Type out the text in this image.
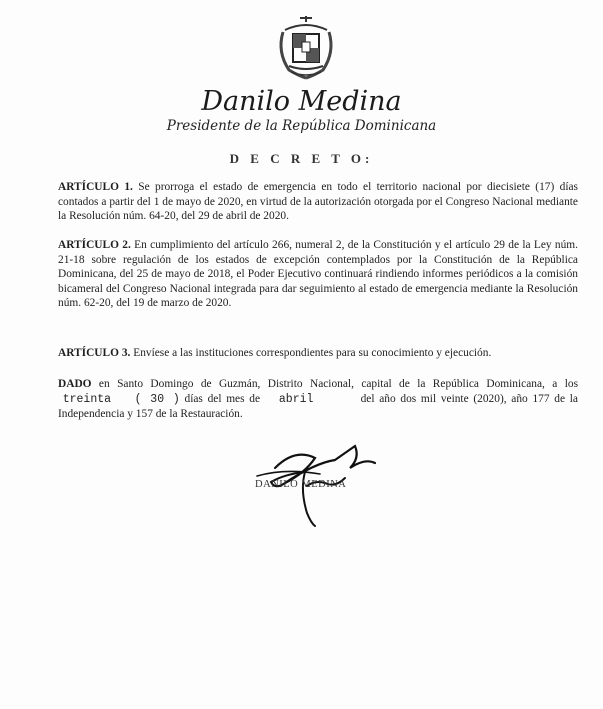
Danilo Medina
Presidente de la República Dominicana
D E C R E T O:
ARTÍCULO 1. Se prorroga el estado de emergencia en todo el territorio nacional por diecisiete (17) días contados a partir del 1 de mayo de 2020, en virtud de la autorización otorgada por el Congreso Nacional mediante la Resolución núm. 64-20, del 29 de abril de 2020.
ARTÍCULO 2. En cumplimiento del artículo 266, numeral 2, de la Constitución y el artículo 29 de la Ley núm. 21-18 sobre regulación de los estados de excepción contemplados por la Constitución de la República Dominicana, del 25 de mayo de 2018, el Poder Ejecutivo continuará rindiendo informes periódicos a la comisión bicameral del Congreso Nacional integrada para dar seguimiento al estado de emergencia mediante la Resolución núm. 62-20, del 19 de marzo de 2020.
ARTÍCULO 3. Envíese a las instituciones correspondientes para su conocimiento y ejecución.
DADO en Santo Domingo de Guzmán, Distrito Nacional, capital de la República Dominicana, a los  treinta ( 30 ) días del mes de abril	del año dos mil veinte (2020), año 177 de la Independencia y 157 de la Restauración.
DANILO MEDINA
